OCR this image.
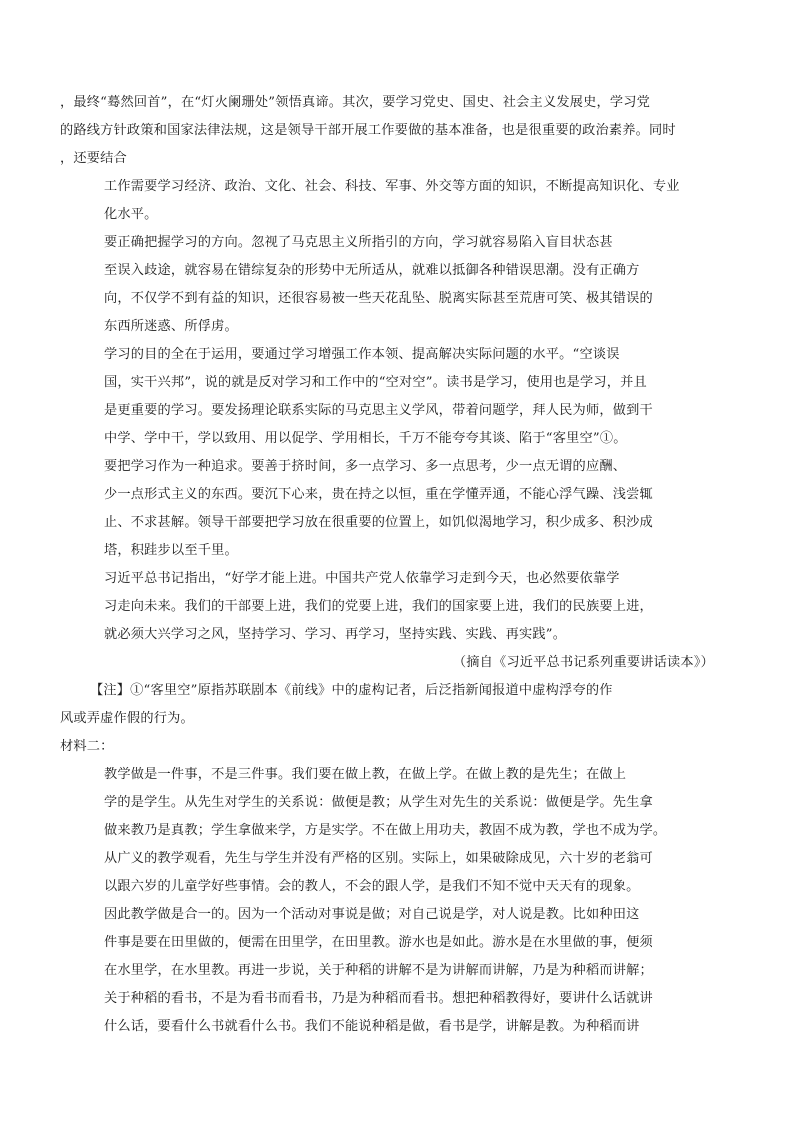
，最终“蓦然回首”，在“灯火阑珊处”领悟真谛。其次，要学习党史、国史、社会主义发展史，学习党
的路线方针政策和国家法律法规，这是领导干部开展工作要做的基本准备，也是很重要的政治素养。同时
，还要结合
工作需要学习经济、政治、文化、社会、科技、军事、外交等方面的知识，不断提高知识化、专业
化水平。
要正确把握学习的方向。忽视了马克思主义所指引的方向，学习就容易陷入盲目状态甚
至误入歧途，就容易在错综复杂的形势中无所适从，就难以抵御各种错误思潮。没有正确方
向，不仅学不到有益的知识，还很容易被一些天花乱坠、脱离实际甚至荒唐可笑、极其错误的
东西所迷惑、所俘虏。
学习的目的全在于运用，要通过学习增强工作本领、提高解决实际问题的水平。“空谈误
国，实干兴邦”，说的就是反对学习和工作中的“空对空”。读书是学习，使用也是学习，并且
是更重要的学习。要发扬理论联系实际的马克思主义学风，带着问题学，拜人民为师，做到干
中学、学中干，学以致用、用以促学、学用相长，千万不能夸夸其谈、陷于“客里空”①。
要把学习作为一种追求。要善于挤时间，多一点学习、多一点思考，少一点无谓的应酬、
少一点形式主义的东西。要沉下心来，贵在持之以恒，重在学懂弄通，不能心浮气躁、浅尝辄
止、不求甚解。领导干部要把学习放在很重要的位置上，如饥似渴地学习，积少成多、积沙成
塔，积跬步以至千里。
习近平总书记指出，“好学才能上进。中国共产党人依靠学习走到今天，也必然要依靠学
习走向未来。我们的干部要上进，我们的党要上进，我们的国家要上进，我们的民族要上进，
就必须大兴学习之风，坚持学习、学习、再学习，坚持实践、实践、再实践”。
（摘自《习近平总书记系列重要讲话读本》）
【注】①“客里空”原指苏联剧本《前线》中的虚构记者，后泛指新闻报道中虚构浮夸的作
风或弄虚作假的行为。
材料二：
教学做是一件事，不是三件事。我们要在做上教，在做上学。在做上教的是先生；在做上
学的是学生。从先生对学生的关系说：做便是教；从学生对先生的关系说：做便是学。先生拿
做来教乃是真教；学生拿做来学，方是实学。不在做上用功夫，教固不成为教，学也不成为学。
从广义的教学观看，先生与学生并没有严格的区别。实际上，如果破除成见，六十岁的老翁可
以跟六岁的儿童学好些事情。会的教人，不会的跟人学，是我们不知不觉中天天有的现象。
因此教学做是合一的。因为一个活动对事说是做；对自己说是学，对人说是教。比如种田这
件事是要在田里做的，便需在田里学，在田里教。游水也是如此。游水是在水里做的事，便须
在水里学，在水里教。再进一步说，关于种稻的讲解不是为讲解而讲解，乃是为种稻而讲解；
关于种稻的看书，不是为看书而看书，乃是为种稻而看书。想把种稻教得好，要讲什么话就讲
什么话，要看什么书就看什么书。我们不能说种稻是做，看书是学，讲解是教。为种稻而讲
